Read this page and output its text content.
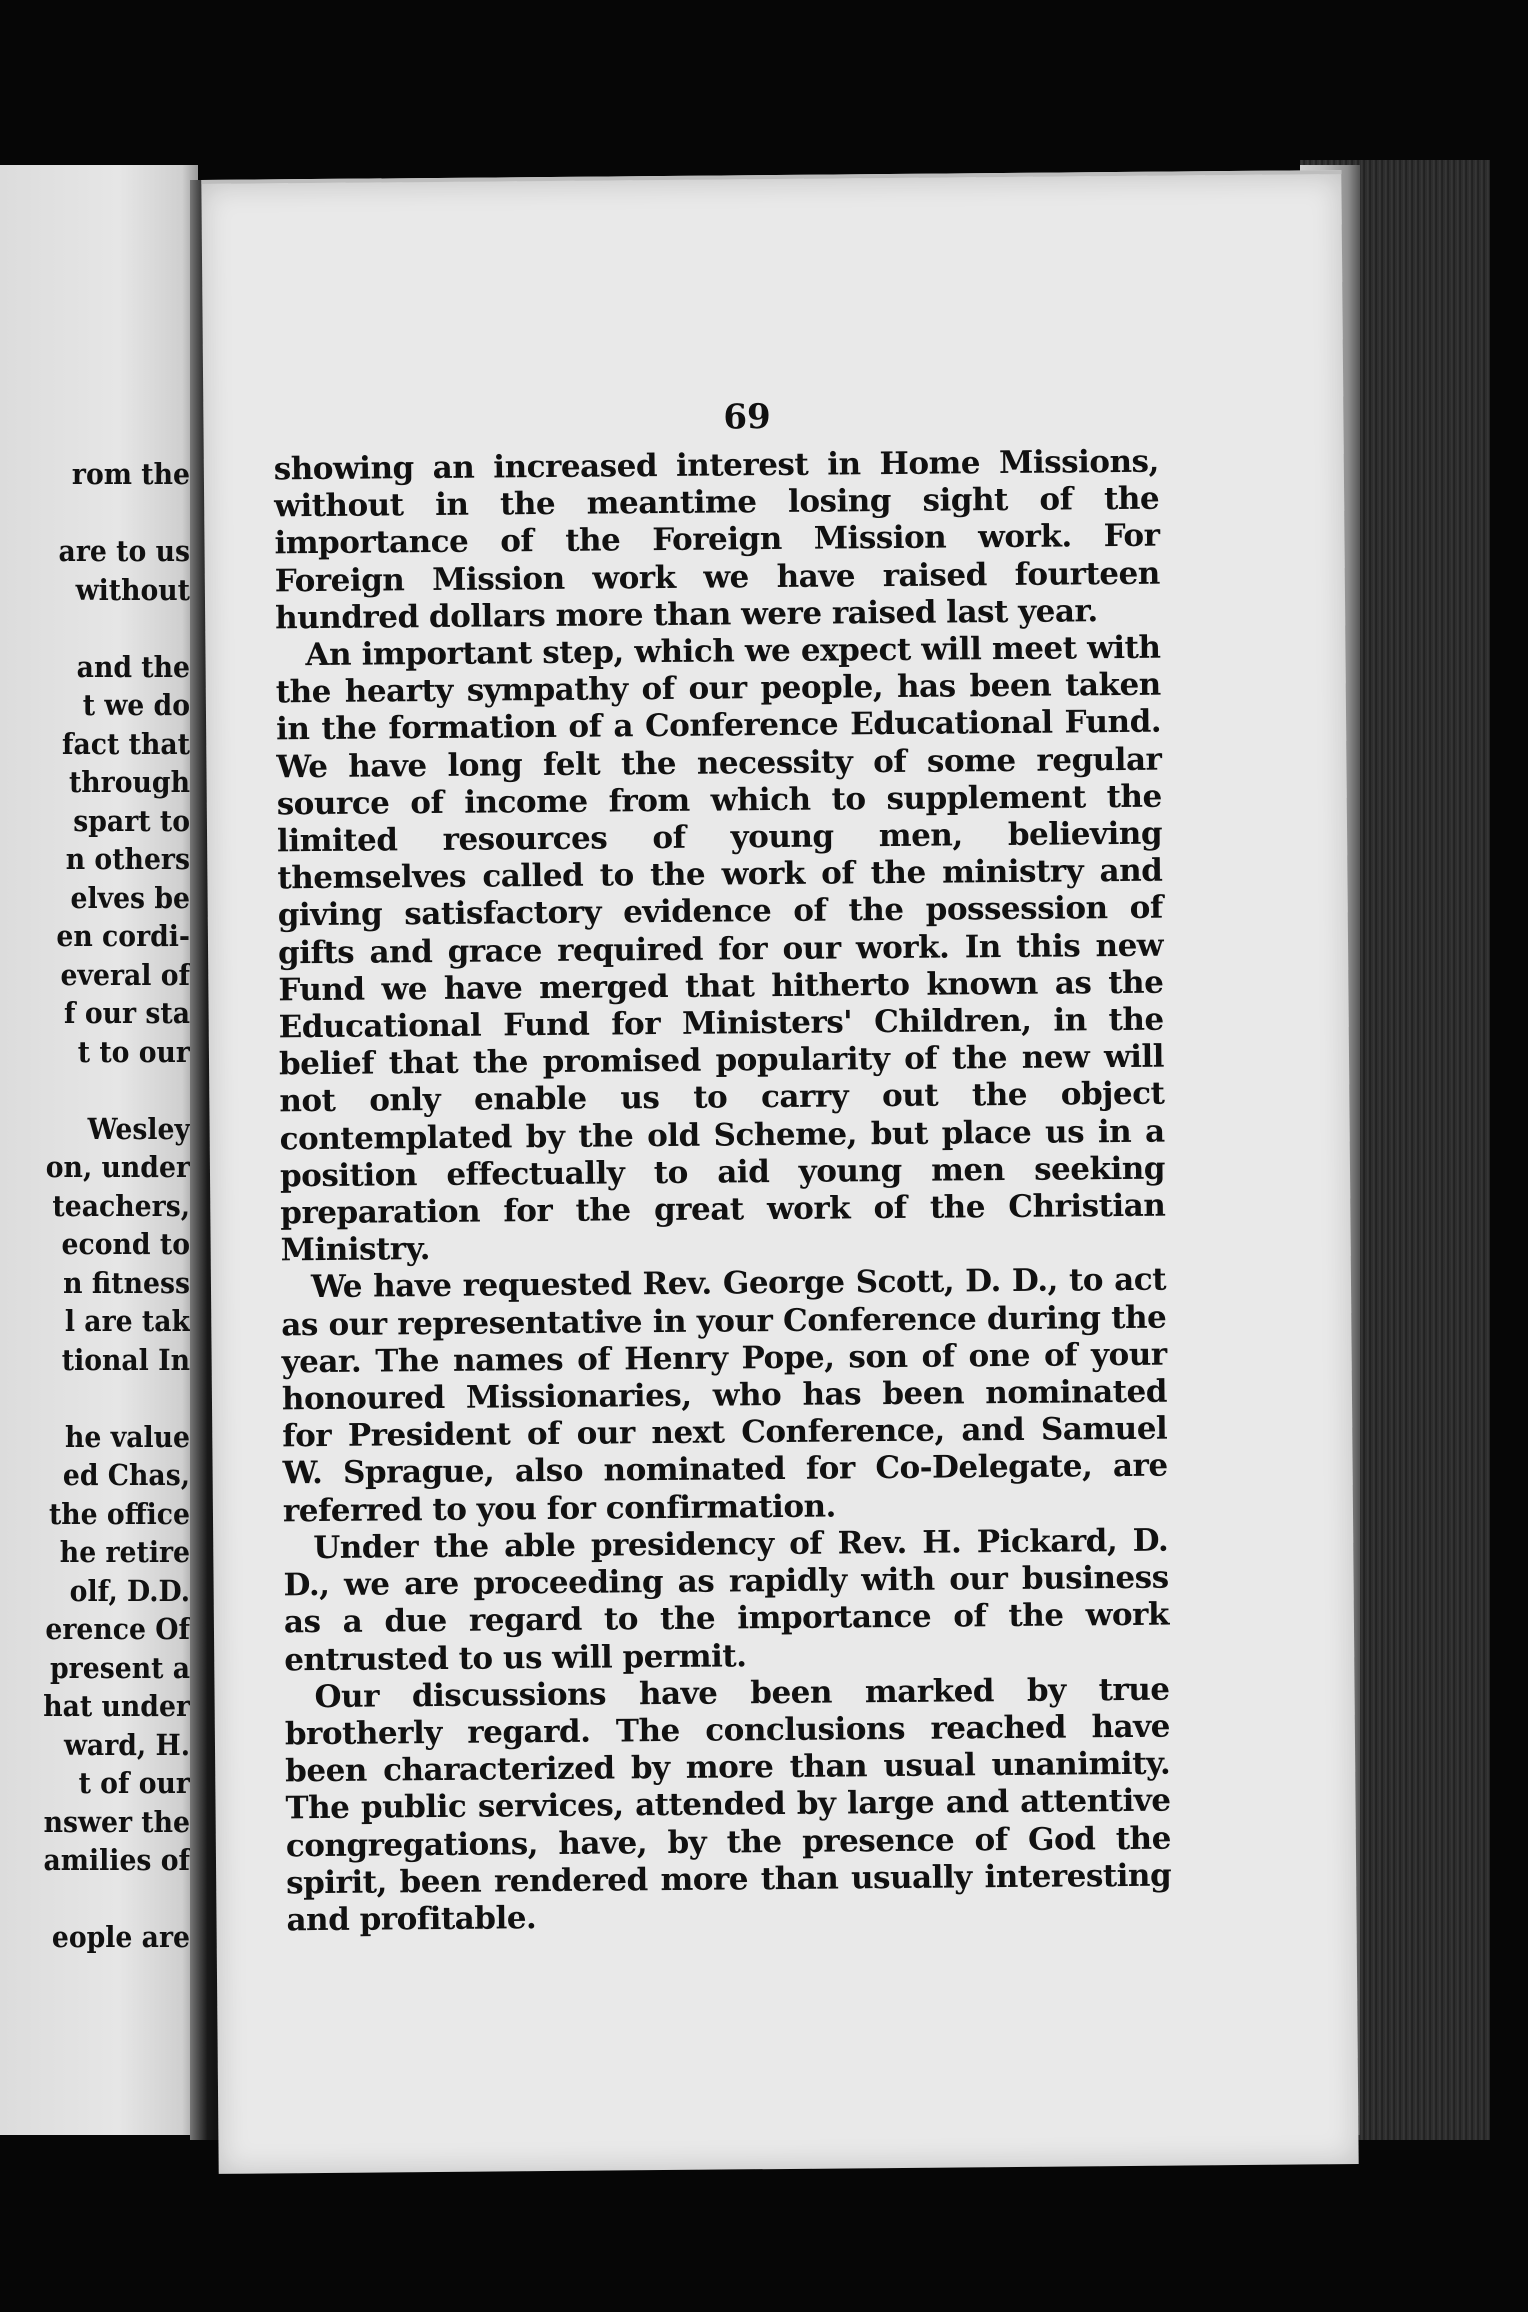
rom the
are to us
without
and the
t we do
fact that
through
spart to
n others
elves be
en cordi-
everal of
f our sta
t to our
Wesley
on, under
teachers,
econd to
n fitness
l are tak
tional In
he value
ed Chas,
the office
he retire
olf, D.D.
erence Of
present a
hat under
ward, H.
t of our
nswer the
amilies of
eople are
69

showing an increased interest in Home Missions, without in the meantime losing sight of the importance of the Foreign Mission work. For Foreign Mission work we have raised fourteen hundred dollars more than were raised last year.

An important step, which we expect will meet with the hearty sympathy of our people, has been taken in the formation of a Conference Educational Fund. We have long felt the necessity of some regular source of income from which to supplement the limited resources of young men, believing themselves called to the work of the ministry and giving satisfactory evidence of the possession of gifts and grace required for our work. In this new Fund we have merged that hitherto known as the Educational Fund for Ministers' Children, in the belief that the promised popularity of the new will not only enable us to carry out the object contemplated by the old Scheme, but place us in a position effectually to aid young men seeking preparation for the great work of the Christian Ministry.

We have requested Rev. George Scott, D. D., to act as our representative in your Conference during the year. The names of Henry Pope, son of one of your honoured Missionaries, who has been nominated for President of our next Conference, and Samuel W. Sprague, also nominated for Co-Delegate, are referred to you for confirmation.

Under the able presidency of Rev. H. Pickard, D. D., we are proceeding as rapidly with our business as a due regard to the importance of the work entrusted to us will permit.

Our discussions have been marked by true brotherly regard. The conclusions reached have been characterized by more than usual unanimity. The public services, attended by large and attentive congregations, have, by the presence of God the spirit, been rendered more than usually interesting and profitable.
